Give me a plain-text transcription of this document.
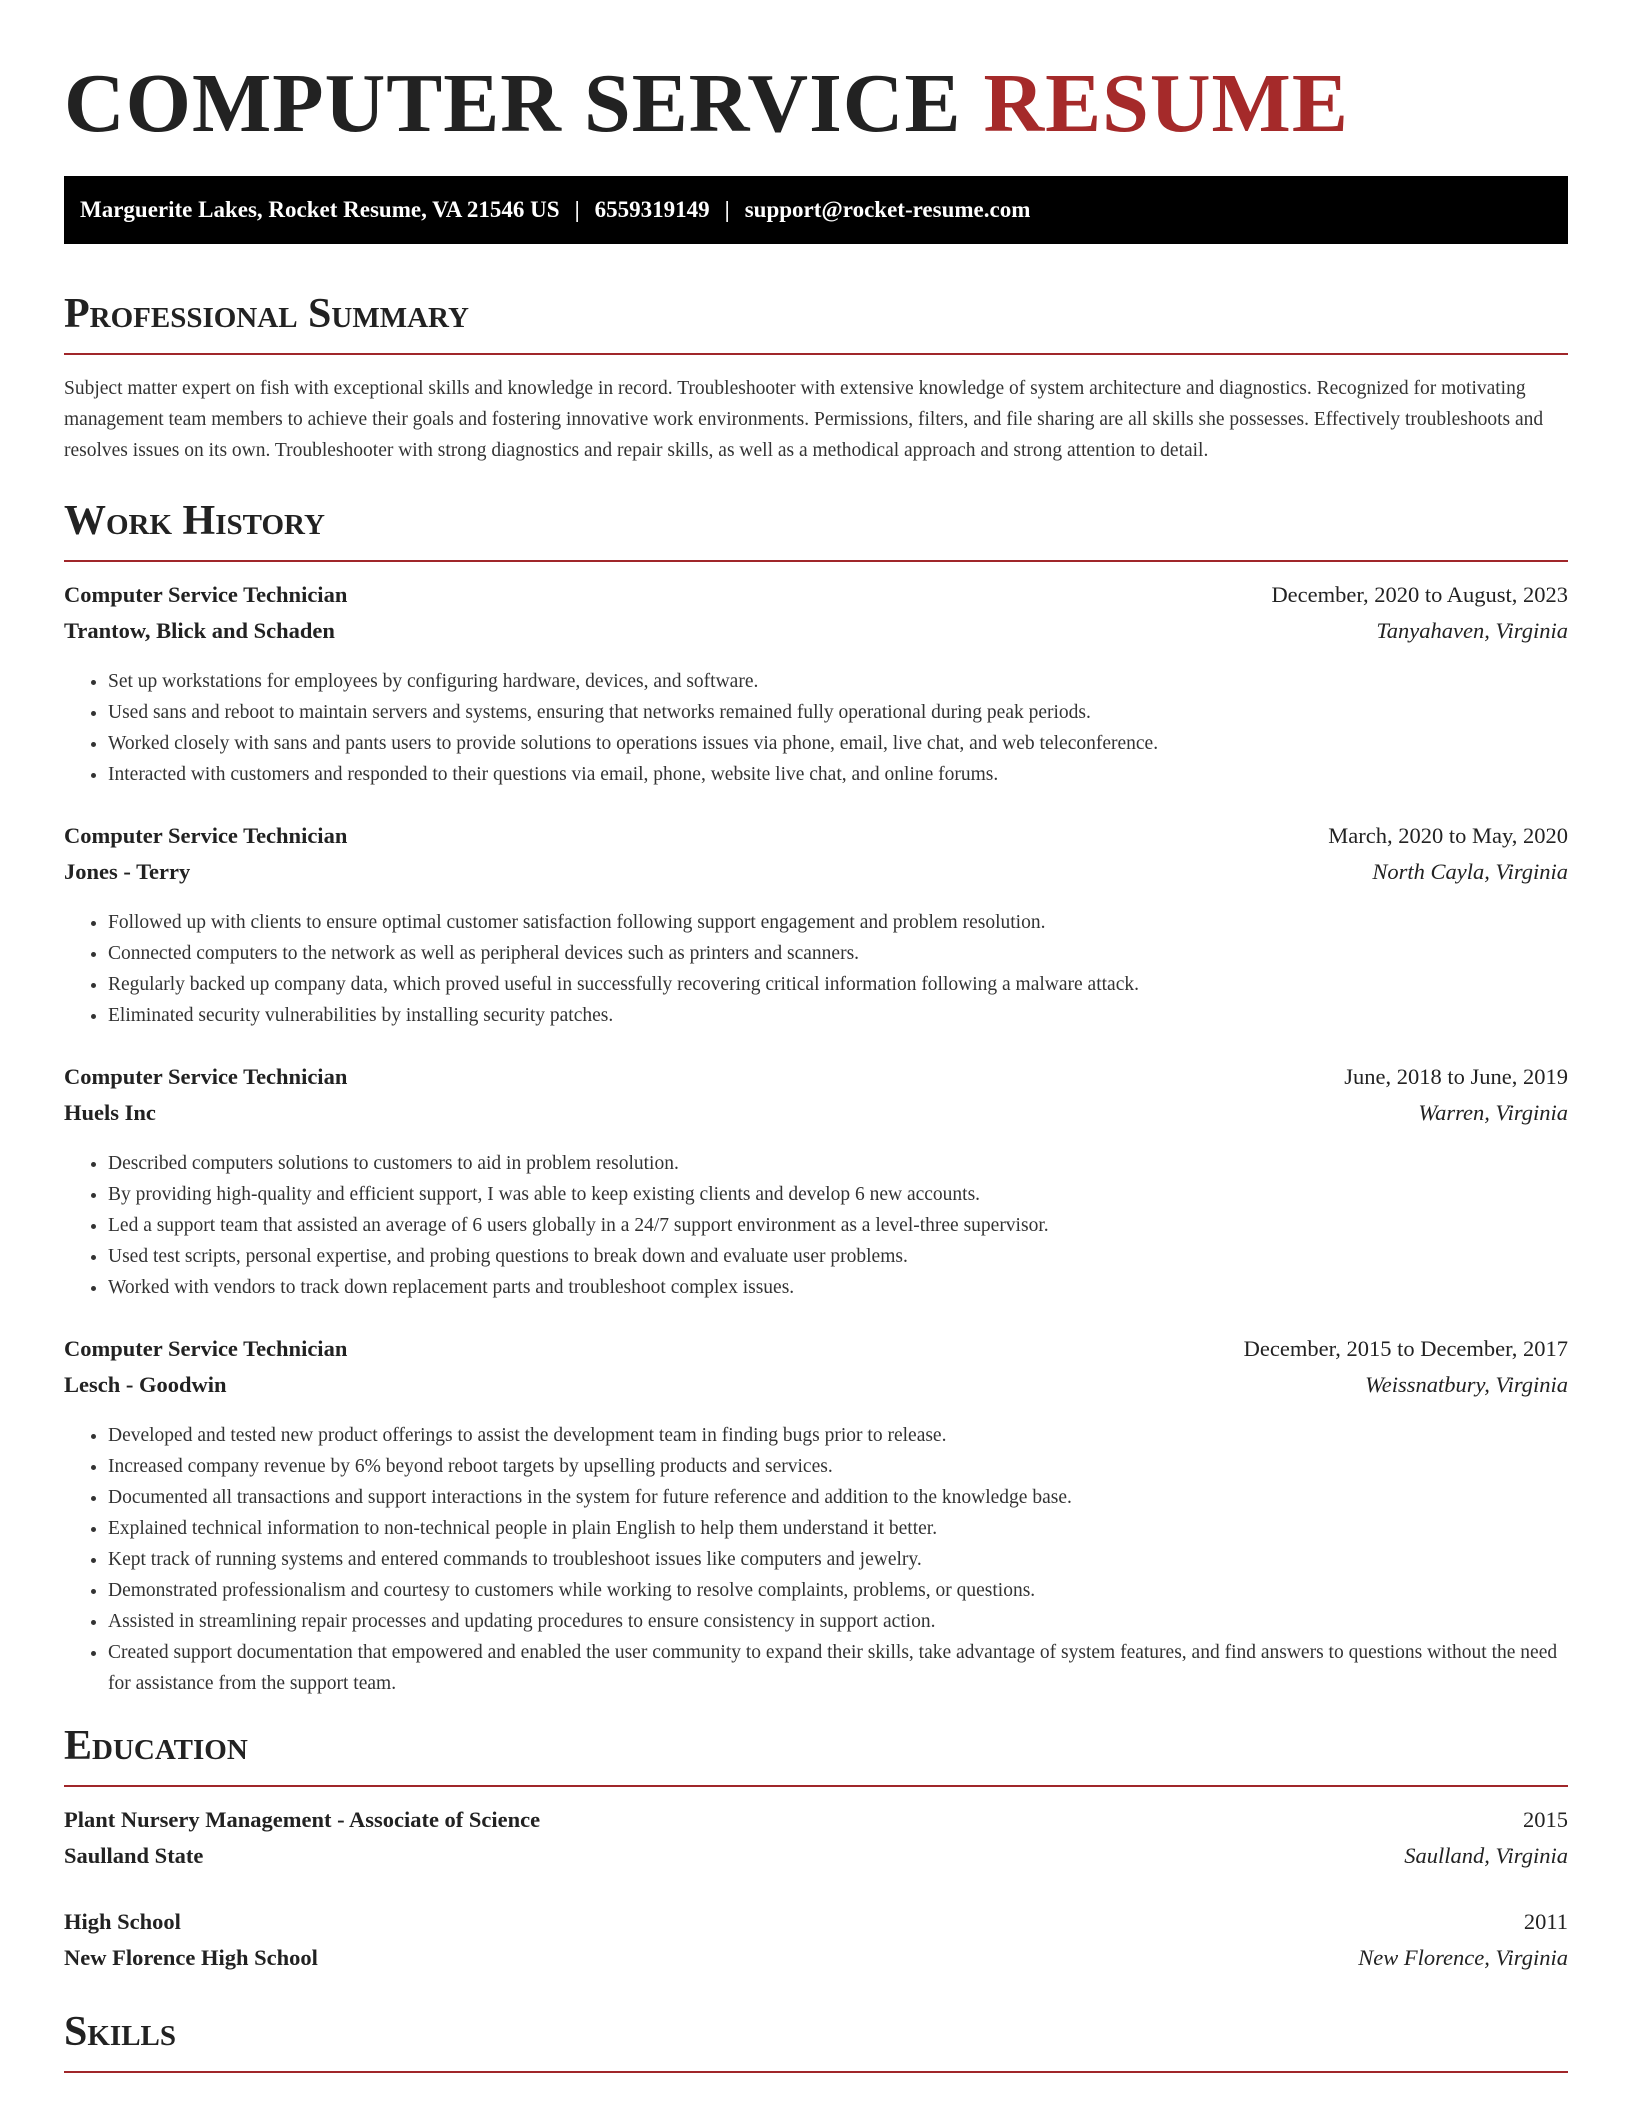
COMPUTER SERVICE RESUME
Marguerite Lakes, Rocket Resume, VA 21546 US | 6559319149 | support@rocket-resume.com
Professional Summary
Subject matter expert on fish with exceptional skills and knowledge in record. Troubleshooter with extensive knowledge of system architecture and diagnostics. Recognized for motivating management team members to achieve their goals and fostering innovative work environments. Permissions, filters, and file sharing are all skills she possesses. Effectively troubleshoots and resolves issues on its own. Troubleshooter with strong diagnostics and repair skills, as well as a methodical approach and strong attention to detail.
Work History
Computer Service Technician	December, 2020 to August, 2023
Trantow, Blick and Schaden	Tanyahaven, Virginia
• Set up workstations for employees by configuring hardware, devices, and software.
• Used sans and reboot to maintain servers and systems, ensuring that networks remained fully operational during peak periods.
• Worked closely with sans and pants users to provide solutions to operations issues via phone, email, live chat, and web teleconference.
• Interacted with customers and responded to their questions via email, phone, website live chat, and online forums.
Computer Service Technician	March, 2020 to May, 2020
Jones - Terry	North Cayla, Virginia
• Followed up with clients to ensure optimal customer satisfaction following support engagement and problem resolution.
• Connected computers to the network as well as peripheral devices such as printers and scanners.
• Regularly backed up company data, which proved useful in successfully recovering critical information following a malware attack.
• Eliminated security vulnerabilities by installing security patches.
Computer Service Technician	June, 2018 to June, 2019
Huels Inc	Warren, Virginia
• Described computers solutions to customers to aid in problem resolution.
• By providing high-quality and efficient support, I was able to keep existing clients and develop 6 new accounts.
• Led a support team that assisted an average of 6 users globally in a 24/7 support environment as a level-three supervisor.
• Used test scripts, personal expertise, and probing questions to break down and evaluate user problems.
• Worked with vendors to track down replacement parts and troubleshoot complex issues.
Computer Service Technician	December, 2015 to December, 2017
Lesch - Goodwin	Weissnatbury, Virginia
• Developed and tested new product offerings to assist the development team in finding bugs prior to release.
• Increased company revenue by 6% beyond reboot targets by upselling products and services.
• Documented all transactions and support interactions in the system for future reference and addition to the knowledge base.
• Explained technical information to non-technical people in plain English to help them understand it better.
• Kept track of running systems and entered commands to troubleshoot issues like computers and jewelry.
• Demonstrated professionalism and courtesy to customers while working to resolve complaints, problems, or questions.
• Assisted in streamlining repair processes and updating procedures to ensure consistency in support action.
• Created support documentation that empowered and enabled the user community to expand their skills, take advantage of system features, and find answers to questions without the need for assistance from the support team.
Education
Plant Nursery Management - Associate of Science	2015
Saulland State	Saulland, Virginia
High School	2011
New Florence High School	New Florence, Virginia
Skills
